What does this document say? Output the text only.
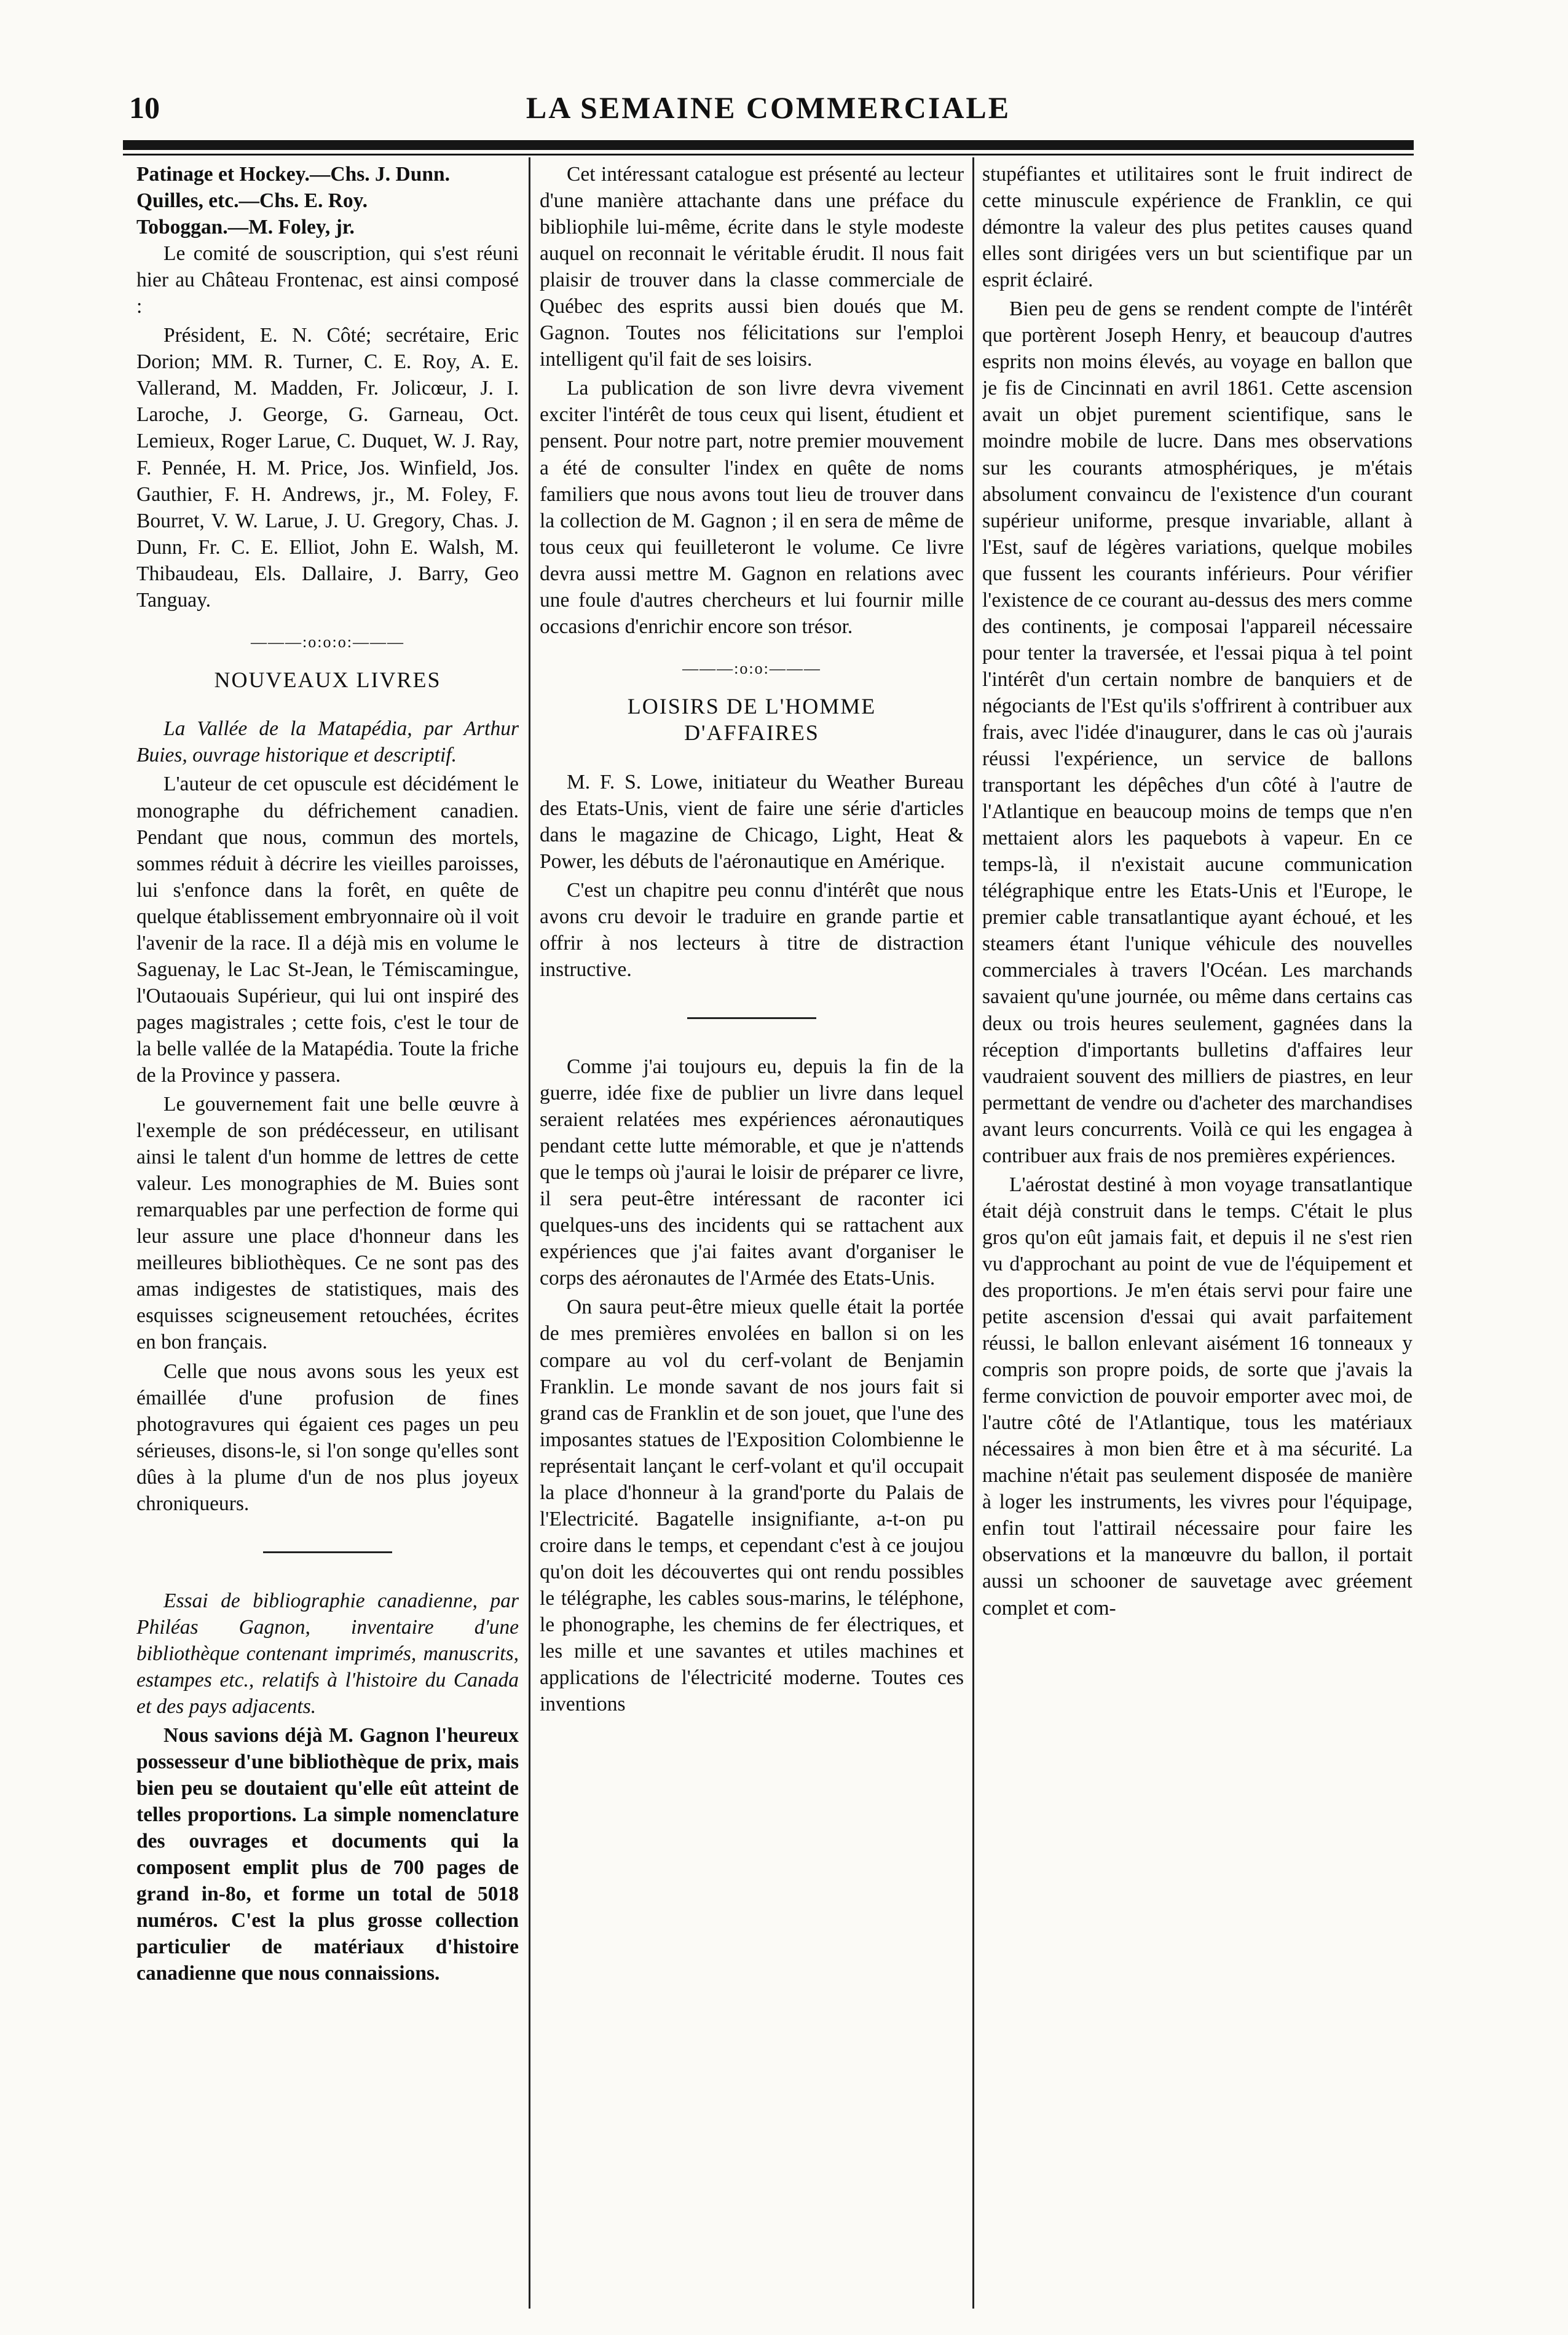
10	LA SEMAINE COMMERCIALE

Patinage et Hockey.—Chs. J. Dunn.

Quilles, etc.—Chs. E. Roy.

Toboggan.—M. Foley, jr.

Le comité de souscription, qui s'est réuni hier au Château Frontenac, est ainsi composé :

Président, E. N. Côté; secrétaire, Eric Dorion; MM. R. Turner, C. E. Roy, A. E. Vallerand, M. Madden, Fr. Jolicœur, J. I. Laroche, J. George, G. Garneau, Oct. Lemieux, Roger Larue, C. Duquet, W. J. Ray, F. Pennée, H. M. Price, Jos. Winfield, Jos. Gauthier, F. H. Andrews, jr., M. Foley, F. Bourret, V. W. Larue, J. U. Gregory, Chas. J. Dunn, Fr. C. E. Elliot, John E. Walsh, M. Thibaudeau, Els. Dallaire, J. Barry, Geo Tanguay.

———:o:o:o:———
NOUVEAUX LIVRES

La Vallée de la Matapédia, par Arthur Buies, ouvrage historique et descriptif.

L'auteur de cet opuscule est décidément le monographe du défrichement canadien. Pendant que nous, commun des mortels, sommes réduit à décrire les vieilles paroisses, lui s'enfonce dans la forêt, en quête de quelque établissement embryonnaire où il voit l'avenir de la race. Il a déjà mis en volume le Saguenay, le Lac St-Jean, le Témiscamingue, l'Outaouais Supérieur, qui lui ont inspiré des pages magistrales ; cette fois, c'est le tour de la belle vallée de la Matapédia. Toute la friche de la Province y passera.

Le gouvernement fait une belle œuvre à l'exemple de son prédécesseur, en utilisant ainsi le talent d'un homme de lettres de cette valeur. Les monographies de M. Buies sont remarquables par une perfection de forme qui leur assure une place d'honneur dans les meilleures bibliothèques. Ce ne sont pas des amas indigestes de statistiques, mais des esquisses scigneusement retouchées, écrites en bon français.

Celle que nous avons sous les yeux est émaillée d'une profusion de fines photogravures qui égaient ces pages un peu sérieuses, disons-le, si l'on songe qu'elles sont dûes à la plume d'un de nos plus joyeux chroniqueurs.

Essai de bibliographie canadienne, par Philéas Gagnon, inventaire d'une bibliothèque contenant imprimés, manuscrits, estampes etc., relatifs à l'histoire du Canada et des pays adjacents.

Nous savions déjà M. Gagnon l'heureux possesseur d'une bibliothèque de prix, mais bien peu se doutaient qu'elle eût atteint de telles proportions. La simple nomenclature des ouvrages et documents qui la composent emplit plus de 700 pages de grand in-8o, et forme un total de 5018 numéros. C'est la plus grosse collection particulier de matériaux d'histoire canadienne que nous connaissions.

Cet intéressant catalogue est présenté au lecteur d'une manière attachante dans une préface du bibliophile lui-même, écrite dans le style modeste auquel on reconnait le véritable érudit. Il nous fait plaisir de trouver dans la classe commerciale de Québec des esprits aussi bien doués que M. Gagnon. Toutes nos félicitations sur l'emploi intelligent qu'il fait de ses loisirs.

La publication de son livre devra vivement exciter l'intérêt de tous ceux qui lisent, étudient et pensent. Pour notre part, notre premier mouvement a été de consulter l'index en quête de noms familiers que nous avons tout lieu de trouver dans la collection de M. Gagnon ; il en sera de même de tous ceux qui feuilleteront le volume. Ce livre devra aussi mettre M. Gagnon en relations avec une foule d'autres chercheurs et lui fournir mille occasions d'enrichir encore son trésor.

———:o:o:———
LOISIRS DE L'HOMME
D'AFFAIRES

M. F. S. Lowe, initiateur du Weather Bureau des Etats-Unis, vient de faire une série d'articles dans le magazine de Chicago, Light, Heat & Power, les débuts de l'aéronautique en Amérique.

C'est un chapitre peu connu d'intérêt que nous avons cru devoir le traduire en grande partie et offrir à nos lecteurs à titre de distraction instructive.

Comme j'ai toujours eu, depuis la fin de la guerre, idée fixe de publier un livre dans lequel seraient relatées mes expériences aéronautiques pendant cette lutte mémorable, et que je n'attends que le temps où j'aurai le loisir de préparer ce livre, il sera peut-être intéressant de raconter ici quelques-uns des incidents qui se rattachent aux expériences que j'ai faites avant d'organiser le corps des aéronautes de l'Armée des Etats-Unis.

On saura peut-être mieux quelle était la portée de mes premières envolées en ballon si on les compare au vol du cerf-volant de Benjamin Franklin. Le monde savant de nos jours fait si grand cas de Franklin et de son jouet, que l'une des imposantes statues de l'Exposition Colombienne le représentait lançant le cerf-volant et qu'il occupait la place d'honneur à la grand'porte du Palais de l'Electricité. Bagatelle insignifiante, a-t-on pu croire dans le temps, et cependant c'est à ce joujou qu'on doit les découvertes qui ont rendu possibles le télégraphe, les cables sous-marins, le téléphone, le phonographe, les chemins de fer électriques, et les mille et une savantes et utiles machines et applications de l'électricité moderne. Toutes ces inventions

stupéfiantes et utilitaires sont le fruit indirect de cette minuscule expérience de Franklin, ce qui démontre la valeur des plus petites causes quand elles sont dirigées vers un but scientifique par un esprit éclairé.

Bien peu de gens se rendent compte de l'intérêt que portèrent Joseph Henry, et beaucoup d'autres esprits non moins élevés, au voyage en ballon que je fis de Cincinnati en avril 1861. Cette ascension avait un objet purement scientifique, sans le moindre mobile de lucre. Dans mes observations sur les courants atmosphériques, je m'étais absolument convaincu de l'existence d'un courant supérieur uniforme, presque invariable, allant à l'Est, sauf de légères variations, quelque mobiles que fussent les courants inférieurs. Pour vérifier l'existence de ce courant au-dessus des mers comme des continents, je composai l'appareil nécessaire pour tenter la traversée, et l'essai piqua à tel point l'intérêt d'un certain nombre de banquiers et de négociants de l'Est qu'ils s'offrirent à contribuer aux frais, avec l'idée d'inaugurer, dans le cas où j'aurais réussi l'expérience, un service de ballons transportant les dépêches d'un côté à l'autre de l'Atlantique en beaucoup moins de temps que n'en mettaient alors les paquebots à vapeur. En ce temps-là, il n'existait aucune communication télégraphique entre les Etats-Unis et l'Europe, le premier cable transatlantique ayant échoué, et les steamers étant l'unique véhicule des nouvelles commerciales à travers l'Océan. Les marchands savaient qu'une journée, ou même dans certains cas deux ou trois heures seulement, gagnées dans la réception d'importants bulletins d'affaires leur vaudraient souvent des milliers de piastres, en leur permettant de vendre ou d'acheter des marchandises avant leurs concurrents. Voilà ce qui les engagea à contribuer aux frais de nos premières expériences.

L'aérostat destiné à mon voyage transatlantique était déjà construit dans le temps. C'était le plus gros qu'on eût jamais fait, et depuis il ne s'est rien vu d'approchant au point de vue de l'équipement et des proportions. Je m'en étais servi pour faire une petite ascension d'essai qui avait parfaitement réussi, le ballon enlevant aisément 16 tonneaux y compris son propre poids, de sorte que j'avais la ferme conviction de pouvoir emporter avec moi, de l'autre côté de l'Atlantique, tous les matériaux nécessaires à mon bien être et à ma sécurité. La machine n'était pas seulement disposée de manière à loger les instruments, les vivres pour l'équipage, enfin tout l'attirail nécessaire pour faire les observations et la manœuvre du ballon, il portait aussi un schooner de sauvetage avec gréement complet et com-
